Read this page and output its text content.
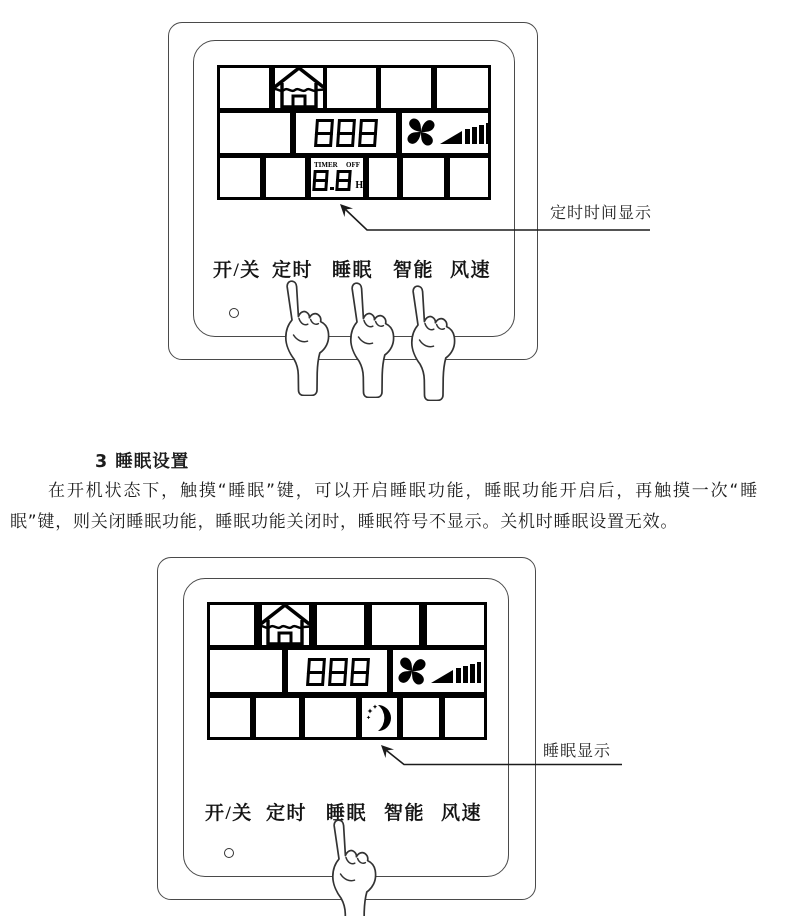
TIMER OFF
H
开/关 定时 睡眠 智能 风速
定时时间显示
3 睡眠设置
在开机状态下，触摸“睡眠”键，可以开启睡眠功能，睡眠功能开启后，再触摸一次“睡眠”键，则关闭睡眠功能，睡眠功能关闭时，睡眠符号不显示。关机时睡眠设置无效。
开/关 定时 睡眠 智能 风速
睡眠显示
